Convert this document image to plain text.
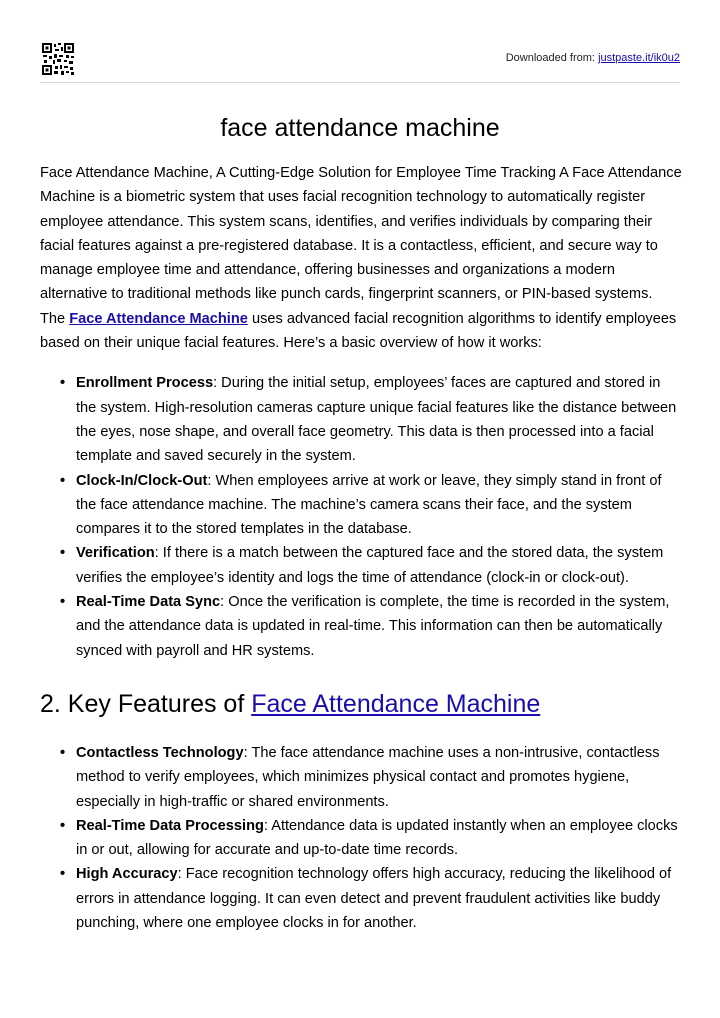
Downloaded from: justpaste.it/ik0u2
face attendance machine

Face Attendance Machine, A Cutting-Edge Solution for Employee Time Tracking A Face Attendance Machine is a biometric system that uses facial recognition technology to automatically register employee attendance. This system scans, identifies, and verifies individuals by comparing their facial features against a pre-registered database. It is a contactless, efficient, and secure way to manage employee time and attendance, offering businesses and organizations a modern alternative to traditional methods like punch cards, fingerprint scanners, or PIN-based systems.

The Face Attendance Machine uses advanced facial recognition algorithms to identify employees based on their unique facial features. Here’s a basic overview of how it works:

• Enrollment Process: During the initial setup, employees’ faces are captured and stored in the system. High-resolution cameras capture unique facial features like the distance between the eyes, nose shape, and overall face geometry. This data is then processed into a facial template and saved securely in the system.
• Clock-In/Clock-Out: When employees arrive at work or leave, they simply stand in front of the face attendance machine. The machine’s camera scans their face, and the system compares it to the stored templates in the database.
• Verification: If there is a match between the captured face and the stored data, the system verifies the employee’s identity and logs the time of attendance (clock-in or clock-out).
• Real-Time Data Sync: Once the verification is complete, the time is recorded in the system, and the attendance data is updated in real-time. This information can then be automatically synced with payroll and HR systems.
2. Key Features of Face Attendance Machine
• Contactless Technology: The face attendance machine uses a non-intrusive, contactless method to verify employees, which minimizes physical contact and promotes hygiene, especially in high-traffic or shared environments.
• Real-Time Data Processing: Attendance data is updated instantly when an employee clocks in or out, allowing for accurate and up-to-date time records.
• High Accuracy: Face recognition technology offers high accuracy, reducing the likelihood of errors in attendance logging. It can even detect and prevent fraudulent activities like buddy punching, where one employee clocks in for another.
